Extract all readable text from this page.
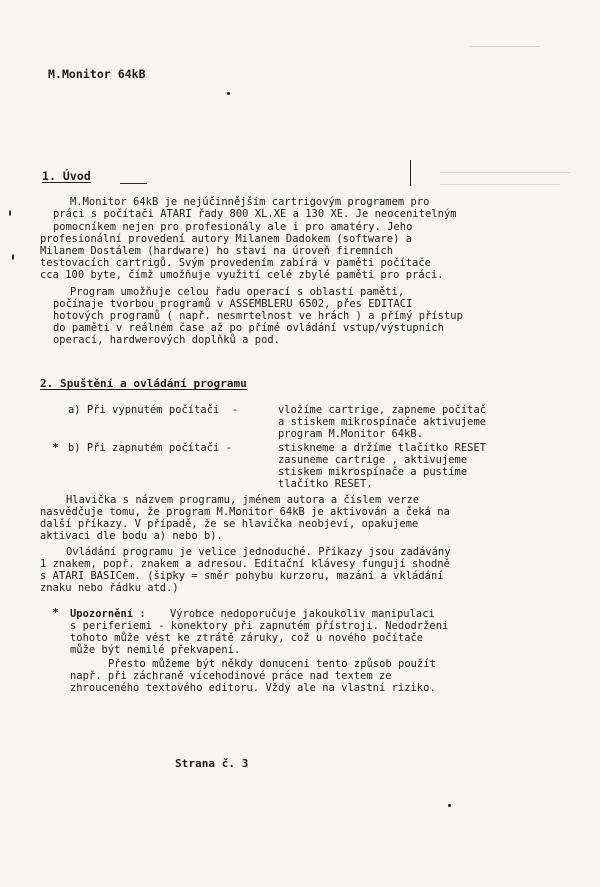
M.Monitor 64kB
1. Úvod
M.Monitor 64kB je nejúčinnějším cartrigovým programem pro
práci s počítači ATARI řady 800 XL.XE a 130 XE. Je neocenitelným
pomocníkem nejen pro profesionály ale i pro amatéry. Jeho
profesionální provedení autory Milanem Dadokem (software) a
Milanem Dostálem (hardware) ho staví na úroveň firemních
testovacích cartrigů. Svým provedením zabírá v paměti počítače
cca 100 byte, čímž umožňuje využití celé zbylé paměti pro práci.
Program umožňuje celou řadu operací s oblastí paměti,
počínaje tvorbou programů v ASSEMBLERU 6502, přes EDITACI
hotových programů ( např. nesmrtelnost ve hrách ) a přímý přístup
do paměti v reálném čase až po přímé ovládání vstup/výstupních
operací, hardwerových doplňků a pod.
2. Spuštění a ovládání programu
a) Při vypnutém počítači  -	vložíme cartrige, zapneme počítač
a stiskem mikrospínače aktivujeme
program M.Monitor 64kB.
* b) Při zapnutém počítači -	stiskneme a držíme tlačítko RESET
zasuneme cartrige , aktivujeme
stiskem mikrospínače a pustíme
tlačítko RESET.
Hlavička s názvem programu, jménem autora a číslem verze
nasvědčuje tomu, že program M.Monitor 64kB je aktivován a čeká na
další příkazy. V případě, že se hlavička neobjeví, opakujeme
aktivaci dle bodu a) nebo b).
Ovládání programu je velice jednoduché. Příkazy jsou zadávány
1 znakem, popř. znakem a adresou. Editační klávesy fungují shodně
s ATARI BASICem. (šipky = směr pohybu kurzoru, mazání a vkládání
znaku nebo řádku atd.)
* Upozornění : Výrobce nedoporučuje jakoukoliv manipulaci
s periferiemi - konektory při zapnutém přístroji. Nedodržení
tohoto může vést ke ztrátě záruky, což u nového počítače
může být nemilé překvapení.
Přesto můžeme být někdy donuceni tento způsob použít
např. při záchraně vícehodinové práce nad textem ze
zhrouceného textového editoru. Vždy ale na vlastní riziko.
Strana č. 3
